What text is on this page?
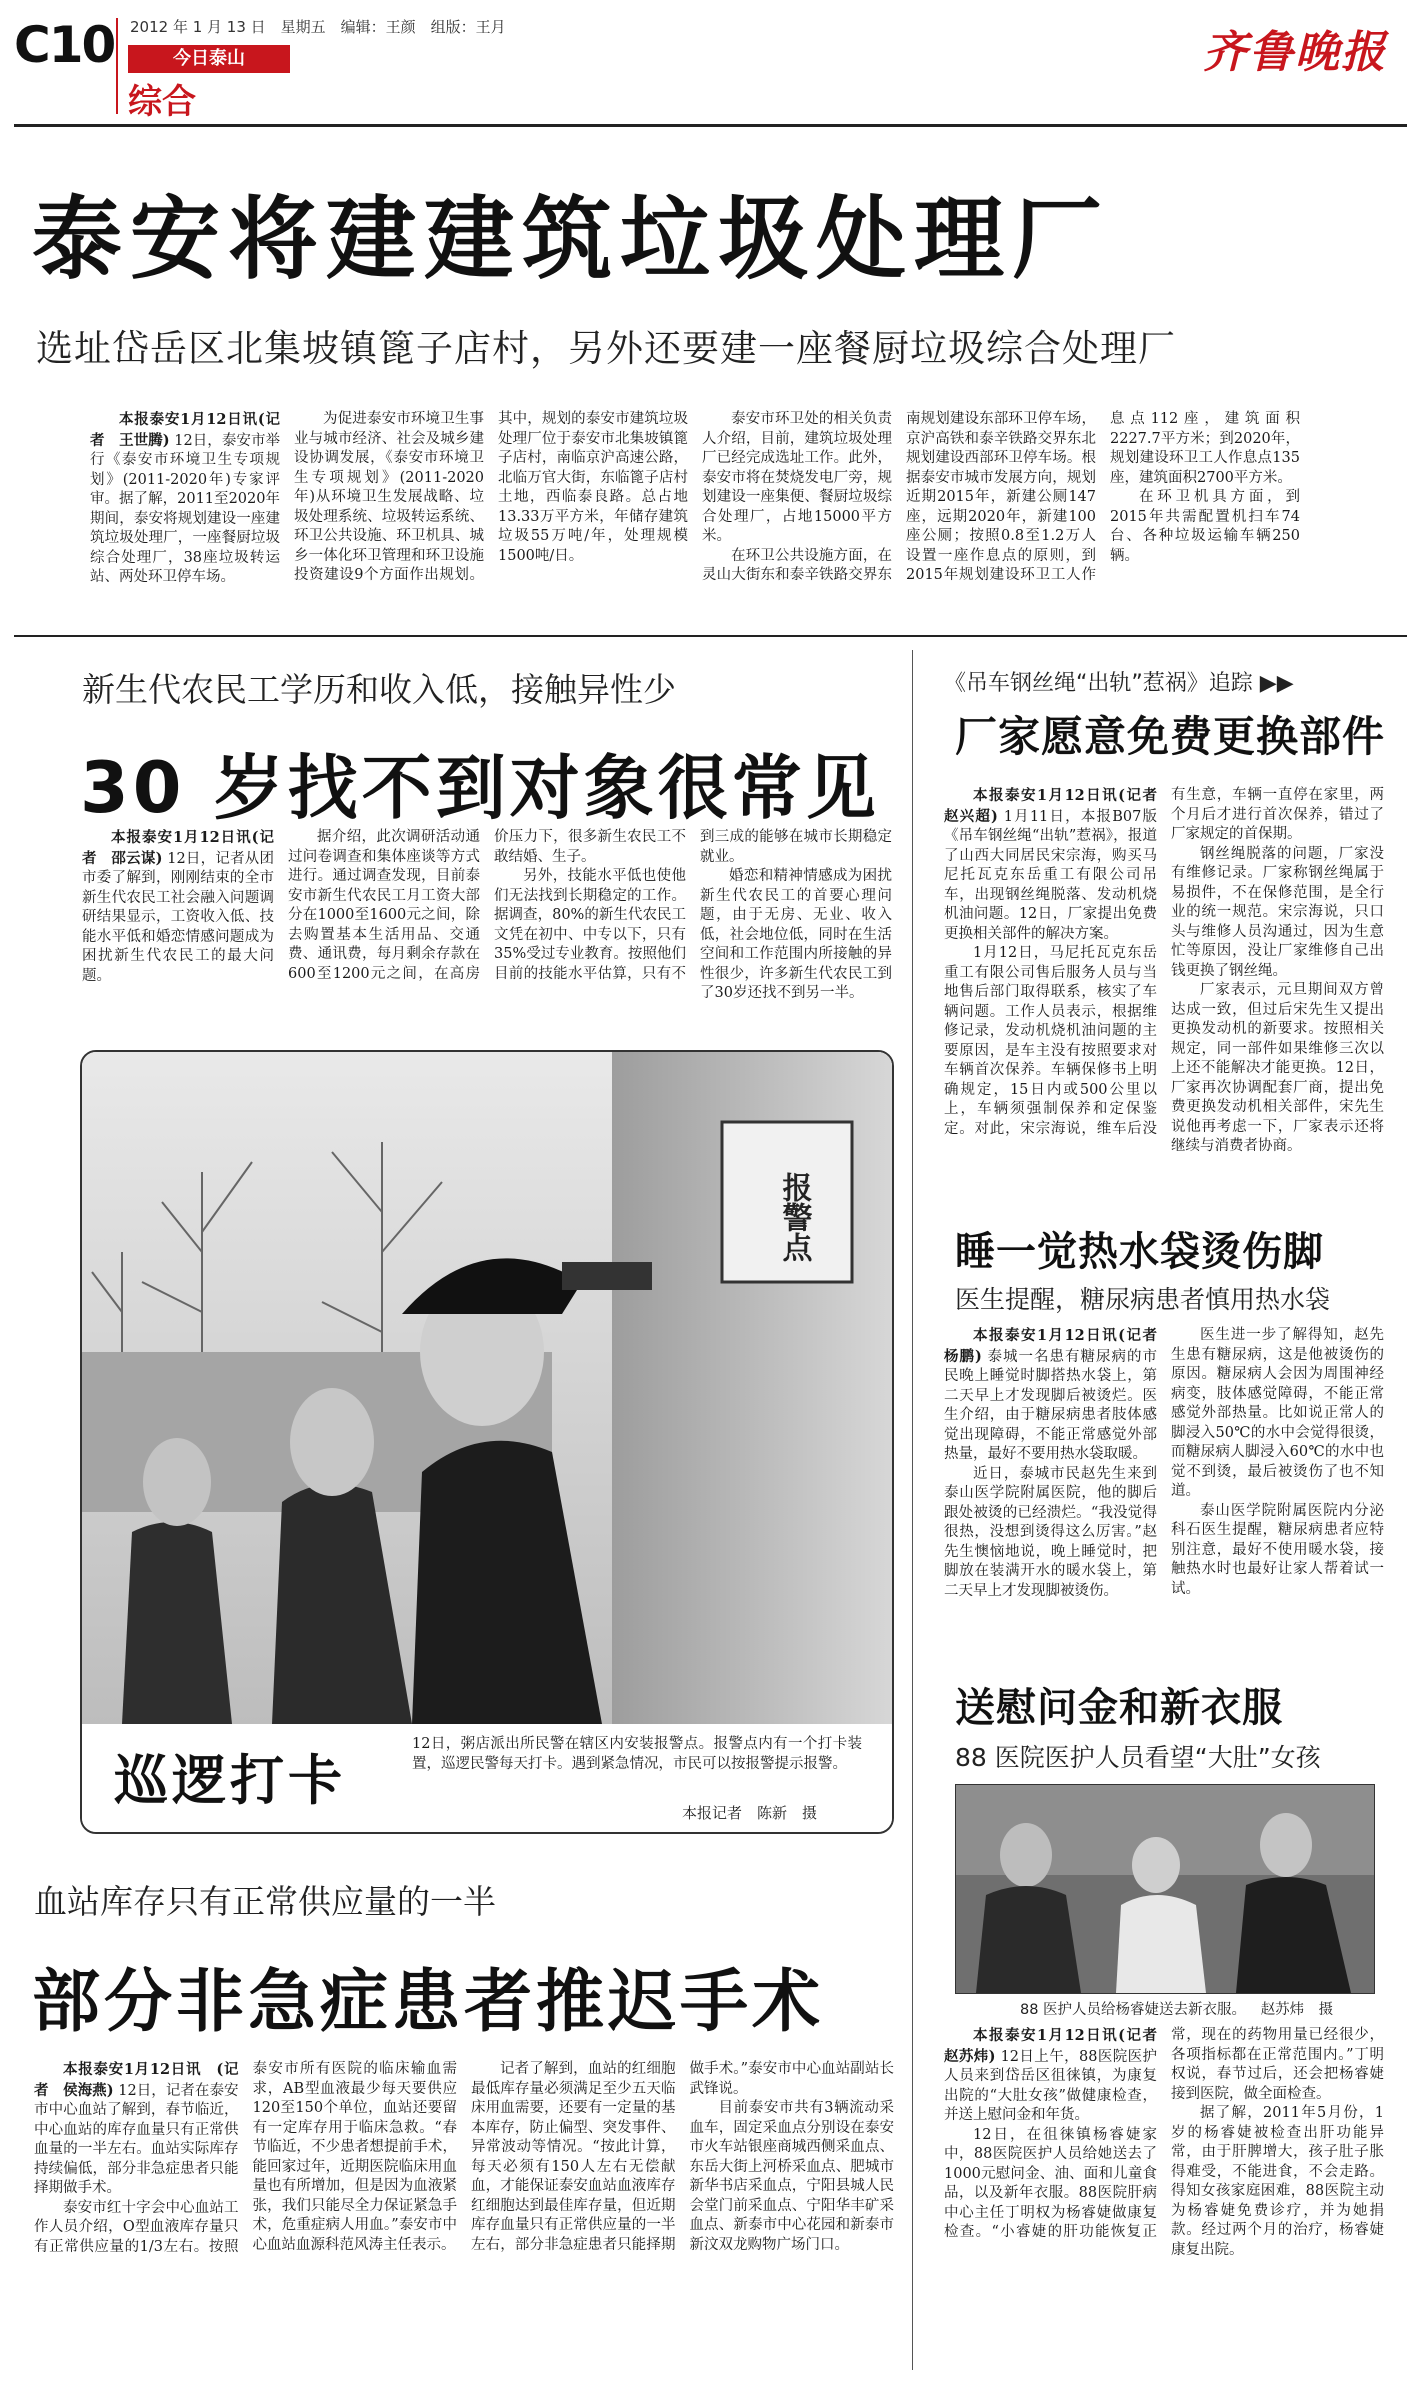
C10 2012 年 1 月 13 日　星期五　编辑：王颜　组版：王月
今日泰山
综合
齐鲁晚报
泰安将建建筑垃圾处理厂
选址岱岳区北集坡镇篦子店村，另外还要建一座餐厨垃圾综合处理厂

本报泰安1月12日讯(记者　王世腾) 12日，泰安市举行《泰安市环境卫生专项规划》(2011-2020年)专家评审。据了解，2011至2020年期间，泰安将规划建设一座建筑垃圾处理厂，一座餐厨垃圾综合处理厂，38座垃圾转运站、两处环卫停车场。

为促进泰安市环境卫生事业与城市经济、社会及城乡建设协调发展，《泰安市环境卫生专项规划》(2011-2020年)从环境卫生发展战略、垃圾处理系统、垃圾转运系统、环卫公共设施、环卫机具、城乡一体化环卫管理和环卫设施投资建设9个方面作出规划。其中，规划的泰安市建筑垃圾处理厂位于泰安市北集坡镇篦子店村，南临京沪高速公路，北临万官大街，东临篦子店村土地，西临泰良路。总占地13.33万平方米，年储存建筑垃圾55万吨/年，处理规模1500吨/日。

泰安市环卫处的相关负责人介绍，目前，建筑垃圾处理厂已经完成选址工作。此外，泰安市将在焚烧发电厂旁，规划建设一座集便、餐厨垃圾综合处理厂，占地15000平方米。

在环卫公共设施方面，在灵山大街东和泰辛铁路交界东南规划建设东部环卫停车场，京沪高铁和泰辛铁路交界东北规划建设西部环卫停车场。根据泰安市城市发展方向，规划近期2015年，新建公厕147座，远期2020年，新建100座公厕；按照0.8至1.2万人设置一座作息点的原则，到2015年规划建设环卫工人作息点112座，建筑面积2227.7平方米；到2020年，规划建设环卫工人作息点135座，建筑面积2700平方米。

在环卫机具方面，到2015年共需配置机扫车74台、各种垃圾运输车辆250辆。

新生代农民工学历和收入低，接触异性少
30 岁找不到对象很常见

本报泰安1月12日讯(记者　邵云谋) 12日，记者从团市委了解到，刚刚结束的全市新生代农民工社会融入问题调研结果显示，工资收入低、技能水平低和婚恋情感问题成为困扰新生代农民工的最大问题。

据介绍，此次调研活动通过问卷调查和集体座谈等方式进行。通过调查发现，目前泰安市新生代农民工月工资大部分在1000至1600元之间，除去购置基本生活用品、交通费、通讯费，每月剩余存款在600至1200元之间，在高房价压力下，很多新生农民工不敢结婚、生子。

另外，技能水平低也使他们无法找到长期稳定的工作。据调查，80%的新生代农民工文凭在初中、中专以下，只有35%受过专业教育。按照他们目前的技能水平估算，只有不到三成的能够在城市长期稳定就业。

婚恋和精神情感成为困扰新生代农民工的首要心理问题，由于无房、无业、收入低，社会地位低，同时在生活空间和工作范围内所接触的异性很少，许多新生代农民工到了30岁还找不到另一半。

报警点
巡逻打卡
12日，粥店派出所民警在辖区内安装报警点。报警点内有一个打卡装置，巡逻民警每天打卡。遇到紧急情况，市民可以按报警提示报警。
本报记者　陈新　摄
血站库存只有正常供应量的一半
部分非急症患者推迟手术

本报泰安1月12日讯　(记者　侯海燕) 12日，记者在泰安市中心血站了解到，春节临近，中心血站的库存血量只有正常供血量的一半左右。血站实际库存持续偏低，部分非急症患者只能择期做手术。

泰安市红十字会中心血站工作人员介绍，O型血液库存量只有正常供应量的1/3左右。按照泰安市所有医院的临床输血需求，AB型血液最少每天要供应120至150个单位，血站还要留有一定库存用于临床急救。“春节临近，不少患者想提前手术，能回家过年，近期医院临床用血量也有所增加，但是因为血液紧张，我们只能尽全力保证紧急手术，危重症病人用血。”泰安市中心血站血源科范风涛主任表示。

记者了解到，血站的红细胞最低库存量必须满足至少五天临床用血需要，还要有一定量的基本库存，防止偏型、突发事件、异常波动等情况。“按此计算，每天必须有150人左右无偿献血，才能保证泰安血站血液库存红细胞达到最佳库存量，但近期库存血量只有正常供应量的一半左右，部分非急症患者只能择期做手术。”泰安市中心血站副站长武锋说。

目前泰安市共有3辆流动采血车，固定采血点分别设在泰安市火车站银座商城西侧采血点、东岳大街上河桥采血点、肥城市新华书店采血点，宁阳县城人民会堂门前采血点、宁阳华丰矿采血点、新泰市中心花园和新泰市新汶双龙购物广场门口。

《吊车钢丝绳“出轨”惹祸》追踪 ▶▶
厂家愿意免费更换部件

本报泰安1月12日讯(记者　赵兴超) 1月11日，本报B07版《吊车钢丝绳“出轨”惹祸》，报道了山西大同居民宋宗海，购买马尼托瓦克东岳重工有限公司吊车，出现钢丝绳脱落、发动机烧机油问题。12日，厂家提出免费更换相关部件的解决方案。

1月12日，马尼托瓦克东岳重工有限公司售后服务人员与当地售后部门取得联系，核实了车辆问题。工作人员表示，根据维修记录，发动机烧机油问题的主要原因，是车主没有按照要求对车辆首次保养。车辆保修书上明确规定，15日内或500公里以上，车辆须强制保养和定保鉴定。对此，宋宗海说，维车后没有生意，车辆一直停在家里，两个月后才进行首次保养，错过了厂家规定的首保期。

钢丝绳脱落的问题，厂家没有维修记录。厂家称钢丝绳属于易损件，不在保修范围，是全行业的统一规范。宋宗海说，只口头与维修人员沟通过，因为生意忙等原因，没让厂家维修自己出钱更换了钢丝绳。

厂家表示，元旦期间双方曾达成一致，但过后宋先生又提出更换发动机的新要求。按照相关规定，同一部件如果维修三次以上还不能解决才能更换。12日，厂家再次协调配套厂商，提出免费更换发动机相关部件，宋先生说他再考虑一下，厂家表示还将继续与消费者协商。

睡一觉热水袋烫伤脚
医生提醒，糖尿病患者慎用热水袋

本报泰安1月12日讯(记者　杨鹏) 泰城一名患有糖尿病的市民晚上睡觉时脚搭热水袋上，第二天早上才发现脚后被烫烂。医生介绍，由于糖尿病患者肢体感觉出现障碍，不能正常感觉外部热量，最好不要用热水袋取暖。

近日，泰城市民赵先生来到泰山医学院附属医院，他的脚后跟处被烫的已经溃烂。“我没觉得很热，没想到烫得这么厉害。”赵先生懊恼地说，晚上睡觉时，把脚放在装满开水的暖水袋上，第二天早上才发现脚被烫伤。

医生进一步了解得知，赵先生患有糖尿病，这是他被烫伤的原因。糖尿病人会因为周围神经病变，肢体感觉障碍，不能正常感觉外部热量。比如说正常人的脚浸入50℃的水中会觉得很烫，而糖尿病人脚浸入60℃的水中也觉不到烫，最后被烫伤了也不知道。

泰山医学院附属医院内分泌科石医生提醒，糖尿病患者应特别注意，最好不使用暖水袋，接触热水时也最好让家人帮着试一试。

送慰问金和新衣服
88 医院医护人员看望“大肚”女孩
88 医护人员给杨睿婕送去新衣服。 赵苏炜　摄

本报泰安1月12日讯(记者　赵苏炜) 12日上午，88医院医护人员来到岱岳区徂徕镇，为康复出院的“大肚女孩”做健康检查，并送上慰问金和年货。

12日，在徂徕镇杨睿婕家中，88医院医护人员给她送去了1000元慰问金、油、面和儿童食品，以及新年衣服。88医院肝病中心主任丁明权为杨睿婕做康复检查。“小睿婕的肝功能恢复正常，现在的药物用量已经很少，各项指标都在正常范围内。”丁明权说，春节过后，还会把杨睿婕接到医院，做全面检查。

据了解，2011年5月份，1岁的杨睿婕被检查出肝功能异常，由于肝脾增大，孩子肚子胀得难受，不能进食，不会走路。得知女孩家庭困难，88医院主动为杨睿婕免费诊疗，并为她捐款。经过两个月的治疗，杨睿婕康复出院。
